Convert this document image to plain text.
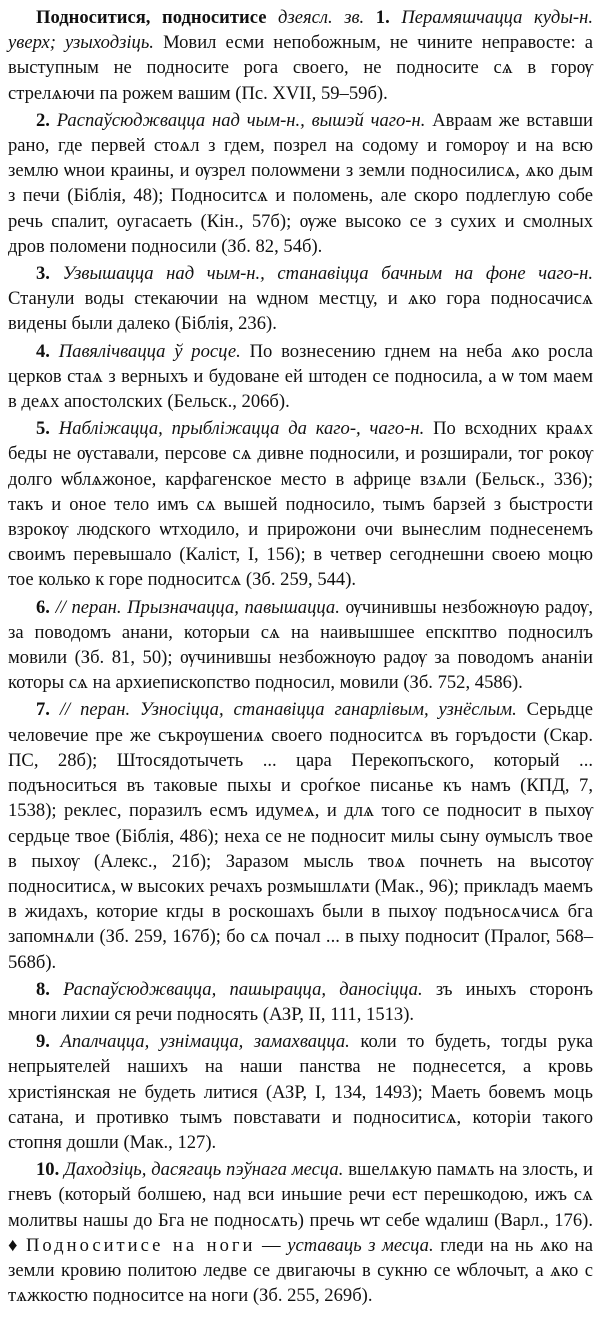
Подноситися, подноситисе дзеясл. зв. 1. Перамяшчацца куды-н. уверх; узыходзіць. Мовил есми непобожным, не чините неправосте: а выступным не подносите рога своего, не подносите сѧ в горѹ стрелѧючи па рожем вашим (Пс. XVII, 59–59б).

2. Распаўсюджвацца над чым-н., вышэй чаго-н. Авраам же вставши рано, где первей стоѧл з гдем, позрел на содому и гоморѹ и на всю землю ѡнои краины, и ѹзрел полоѡмени з земли подносилисѧ, ѧко дым з печи (Біблія, 48); Подноситсѧ и поломень, але скоро подлеглую собе речь спалит, оугасаеть (Кін., 57б); ѹже высоко се з сухих и смолных дров поломени подносили (Зб. 82, 54б).

3. Узвышацца над чым-н., станавіцца бачным на фоне чаго-н. Станули воды стекаючии на ѡдном местцу, и ѧко гора подносачисѧ видены были далеко (Біблія, 236).

4. Павялічвацца ў росце. По вознесению гднем на неба ѧко росла церков стаѧ з верныхъ и будоване ей штоден се подносила, а ѡ том маем в деѧх апостолских (Бельск., 206б).

5. Набліжацца, прыбліжацца да каго-, чаго-н. По всходних краѧх беды не ѹставали, персове сѧ дивне подносили, и розширали, тог рокѹ долго ѡблѧжоное, карфагенское место в африце взѧли (Бельск., 336); такъ и оное тело имъ сѧ вышей подносило, тымъ барзей з быстрости взрокѹ людского ѡтходило, и прирожони очи вынеслим поднесенемъ своимъ перевышало (Каліст, I, 156); в четвер сегоднешни своею моцю тое колько к горе подноситсѧ (Зб. 259, 544).

6. // перан. Прызначацца, павышацца. ѹчинившы незбожнѹю радѹ, за поводомъ анани, которыи сѧ на наивышшее епскптво подносилъ мовили (Зб. 81, 50); ѹчинившы незбожнѹю радѹ за поводомъ ананіи которы сѧ на архиепископство подносил, мовили (Зб. 752, 4586).

7. // перан. Узносіцца, станавіцца ганарлівым, узнёслым. Серьдце человечие пре же съкрѹшениѧ своего подноситсѧ въ горъдости (Скар. ПС, 28б); Штосядотычеть ... цара Перекопъского, который ... подъноситься въ таковые пыхы и сроѓкое писанье къ намъ (КПД, 7, 1538); реклес, поразилъ есмъ идумеѧ, и длѧ того се подносит в пыхѹ сердьце твое (Біблія, 486); неха се не подносит милы сыну ѹмыслъ твое в пыхѹ (Алекс., 21б); Заразом мысль твоѧ почнеть на высотѹ подноситисѧ, ѡ высоких речахъ розмышлѧти (Мак., 96); прикладъ маемъ в жидахъ, которие кгды в роскошахъ были в пыхѹ подъносѧчисѧ бга запомнѧли (Зб. 259, 167б); бо сѧ почал ... в пыху подносит (Пралог, 568–568б).

8. Распаўсюджвацца, пашырацца, даносіцца. зъ иныхъ сторонъ многи лихии ся речи подносять (АЗР, II, 111, 1513).

9. Апалчацца, узнімацца, замахвацца. коли то будеть, тогды рука непрыятелей нашихъ на наши панства не поднесется, а кровь христіянская не будеть литися (АЗР, I, 134, 1493); Маеть бовемъ моць сатана, и противко тымъ повставати и подноситисѧ, которіи такого стопня дошли (Мак., 127).

10. Даходзіць, дасягаць пэўнага месца. вшелѧкую памѧть на злость, и гневъ (который болшею, над вси иньшие речи ест перешкодою, ижъ сѧ молитвы нашы до Бга не подносѧть) пречь ѡт себе ѡдалиш (Варл., 176). ♦ Подноситисе на ноги — уставаць з месца. гледи на нь ѧко на земли кровию политою ледве се двигаючы в сукню се ѡблочыт, а ѧко с тѧжкостю подноситсе на ноги (Зб. 255, 269б).
